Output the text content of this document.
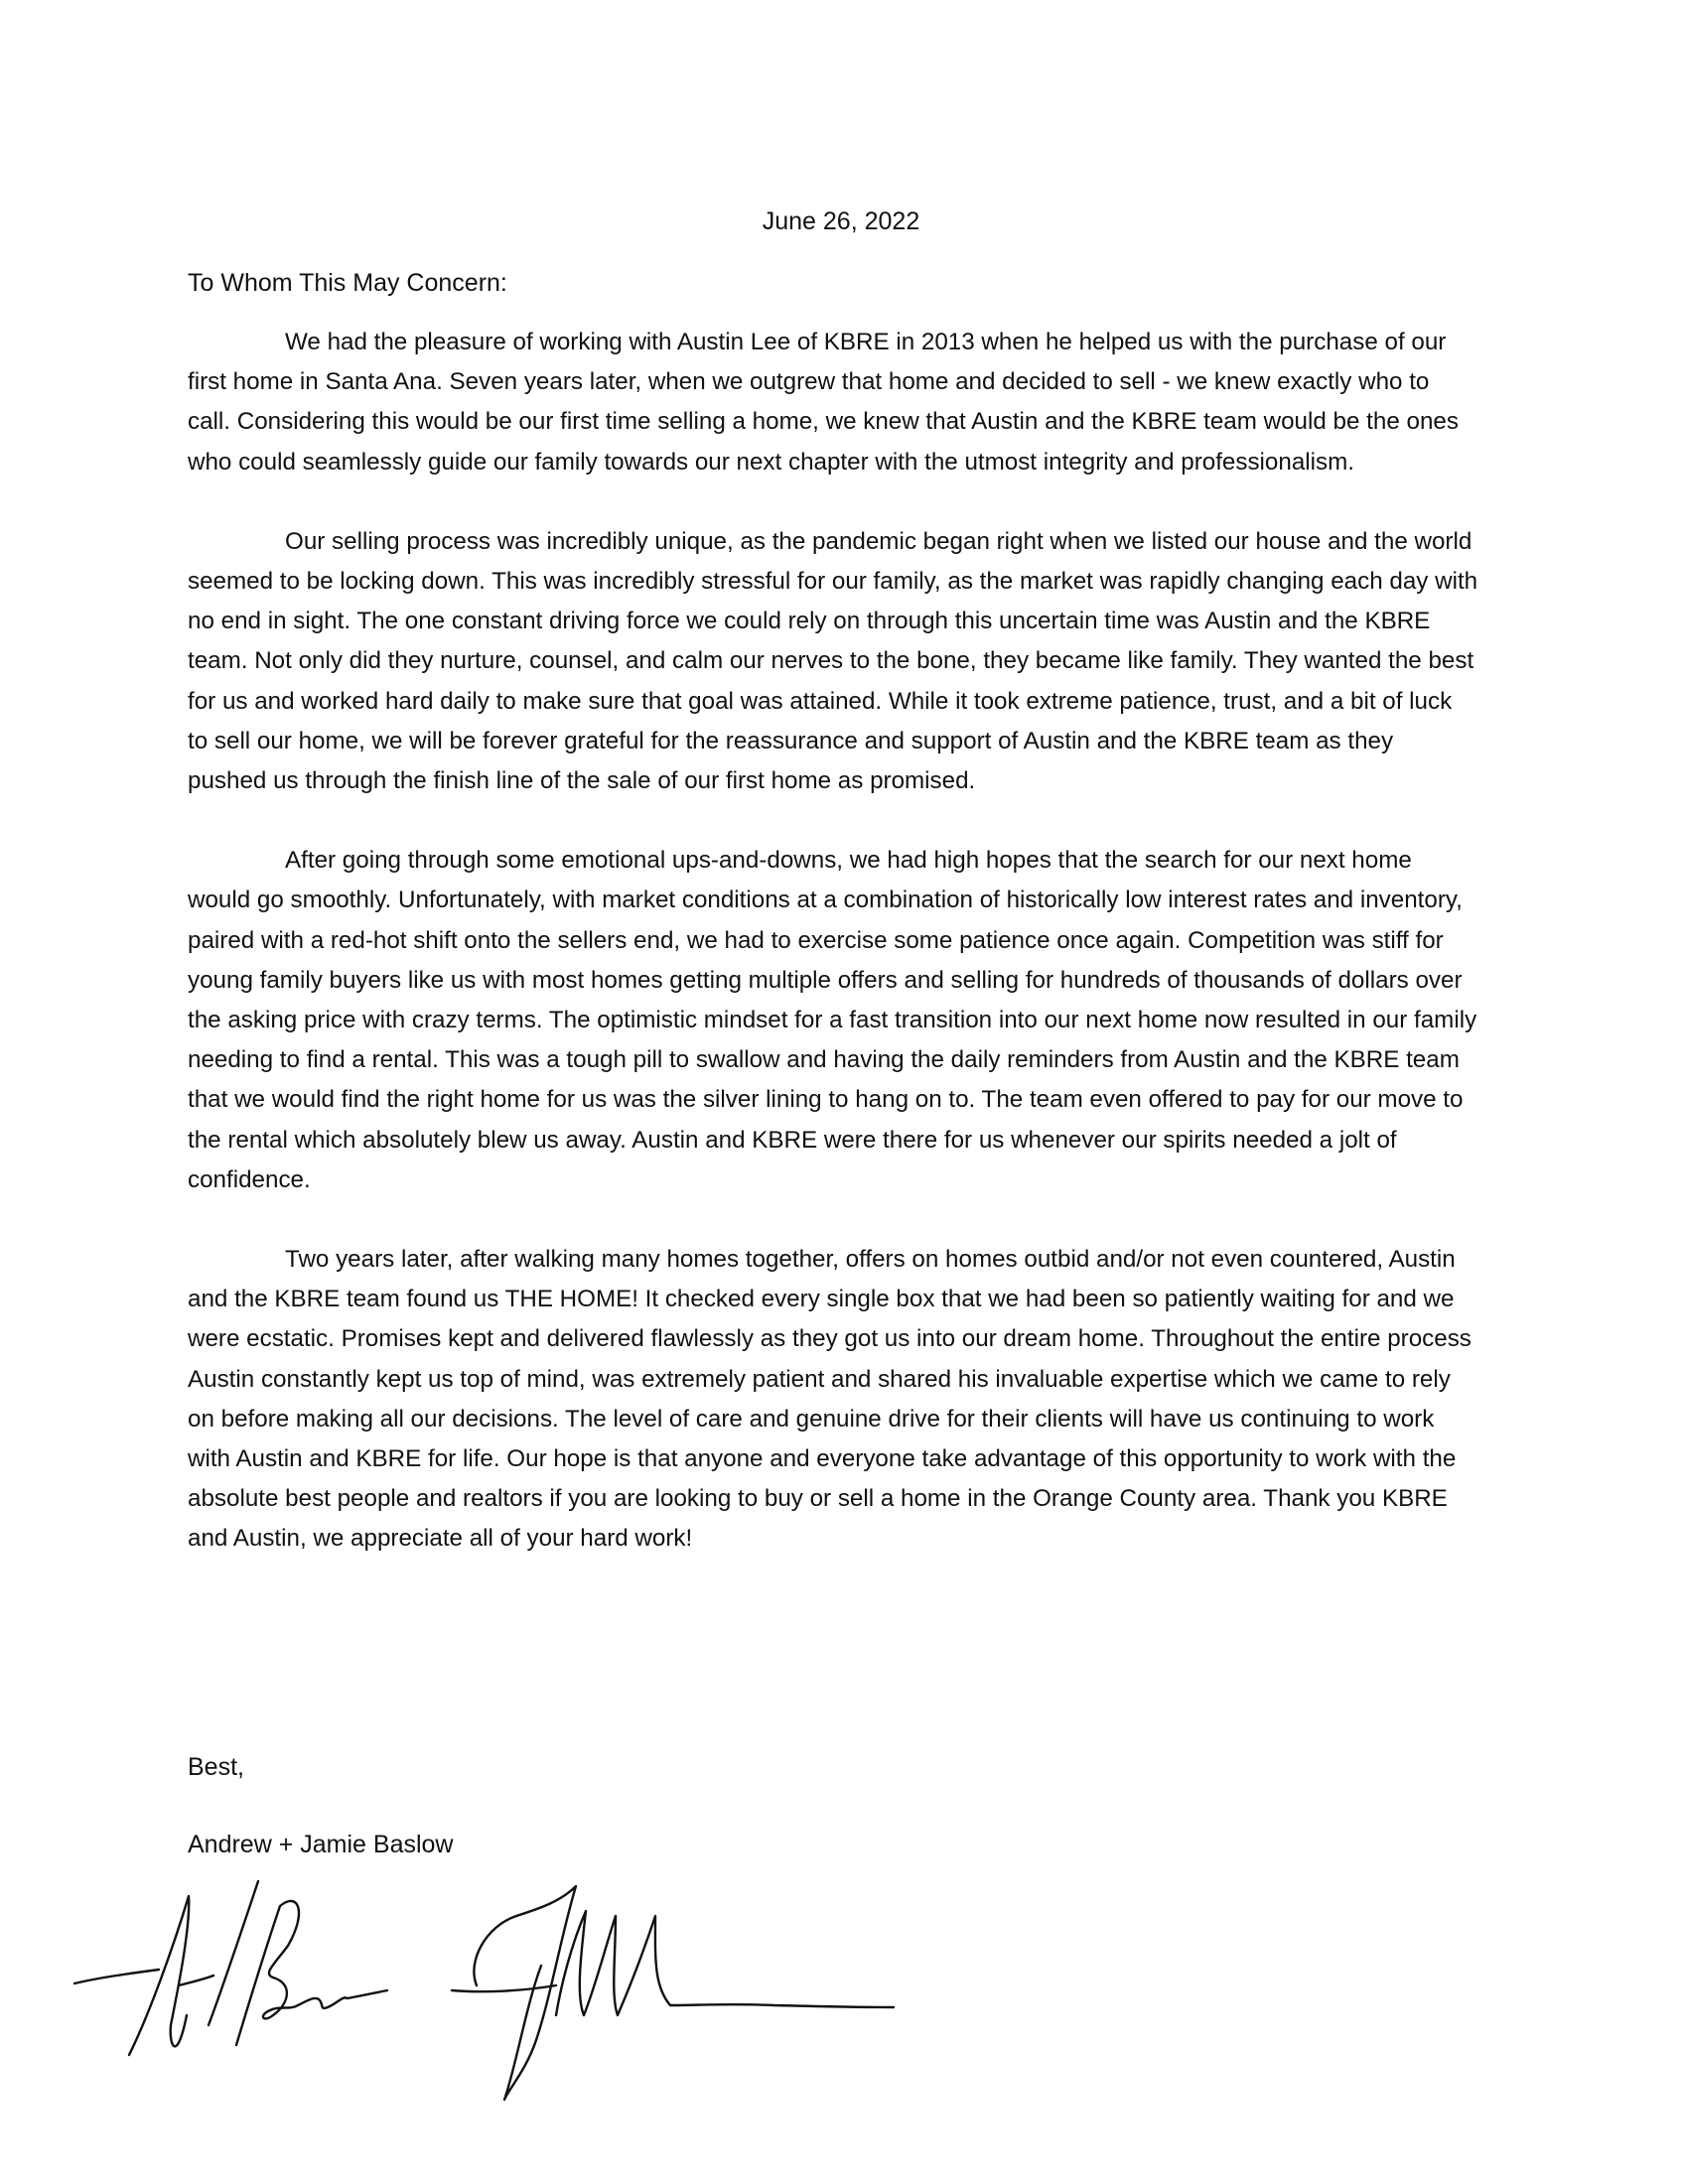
June 26, 2022
To Whom This May Concern:

We had the pleasure of working with Austin Lee of KBRE in 2013 when he helped us with the purchase of our first home in Santa Ana. Seven years later, when we outgrew that home and decided to sell - we knew exactly who to call. Considering this would be our first time selling a home, we knew that Austin and the KBRE team would be the ones who could seamlessly guide our family towards our next chapter with the utmost integrity and professionalism.

Our selling process was incredibly unique, as the pandemic began right when we listed our house and the world seemed to be locking down. This was incredibly stressful for our family, as the market was rapidly changing each day with no end in sight. The one constant driving force we could rely on through this uncertain time was Austin and the KBRE team. Not only did they nurture, counsel, and calm our nerves to the bone, they became like family. They wanted the best for us and worked hard daily to make sure that goal was attained. While it took extreme patience, trust, and a bit of luck to sell our home, we will be forever grateful for the reassurance and support of Austin and the KBRE team as they pushed us through the finish line of the sale of our first home as promised.

After going through some emotional ups-and-downs, we had high hopes that the search for our next home would go smoothly. Unfortunately, with market conditions at a combination of historically low interest rates and inventory, paired with a red-hot shift onto the sellers end, we had to exercise some patience once again. Competition was stiff for young family buyers like us with most homes getting multiple offers and selling for hundreds of thousands of dollars over the asking price with crazy terms. The optimistic mindset for a fast transition into our next home now resulted in our family needing to find a rental. This was a tough pill to swallow and having the daily reminders from Austin and the KBRE team that we would find the right home for us was the silver lining to hang on to. The team even offered to pay for our move to the rental which absolutely blew us away. Austin and KBRE were there for us whenever our spirits needed a jolt of confidence.

Two years later, after walking many homes together, offers on homes outbid and/or not even countered, Austin and the KBRE team found us THE HOME! It checked every single box that we had been so patiently waiting for and we were ecstatic. Promises kept and delivered flawlessly as they got us into our dream home. Throughout the entire process Austin constantly kept us top of mind, was extremely patient and shared his invaluable expertise which we came to rely on before making all our decisions. The level of care and genuine drive for their clients will have us continuing to work with Austin and KBRE for life. Our hope is that anyone and everyone take advantage of this opportunity to work with the absolute best people and realtors if you are looking to buy or sell a home in the Orange County area. Thank you KBRE and Austin, we appreciate all of your hard work!

Best,
Andrew + Jamie Baslow
